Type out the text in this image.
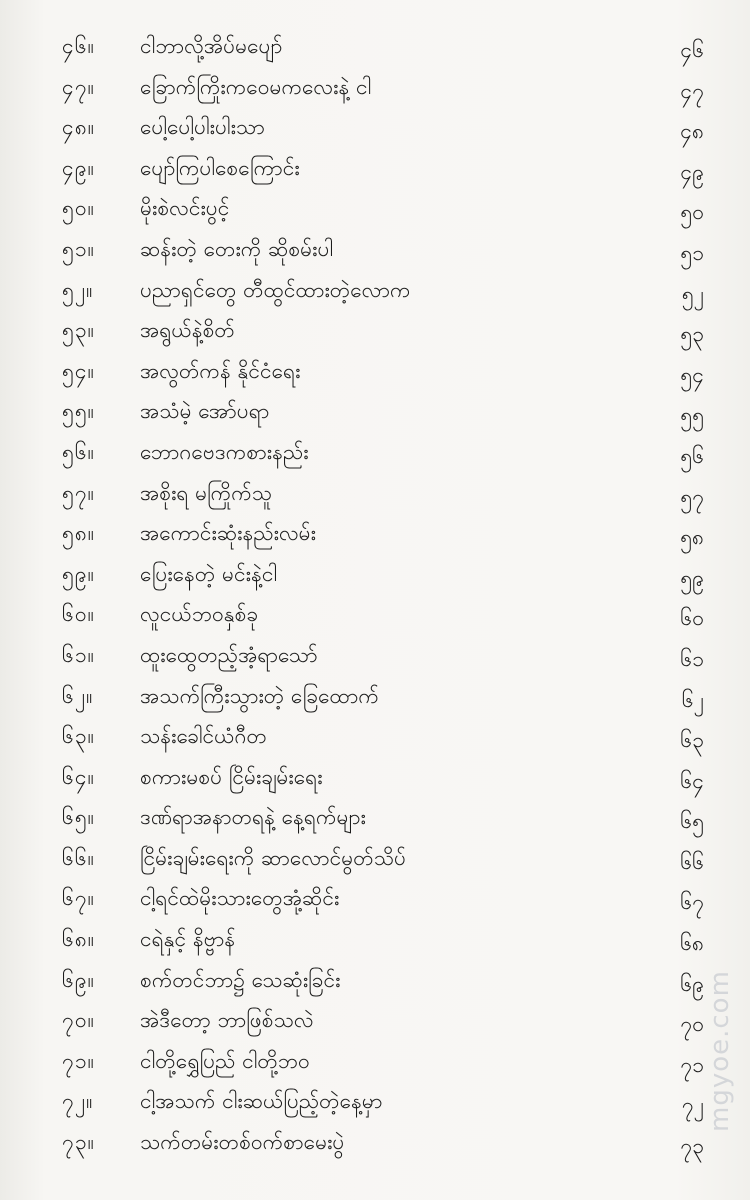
၄၆။	ငါဘာလို့အိပ်မပျော်	၄၆
၄၇။	ခြောက်ကြိုးကဝေမကလေးနဲ့ ငါ	၄၇
၄၈။	ပေါ့ပေါ့ပါးပါးသာ	၄၈
၄၉။	ပျော်ကြပါစေကြောင်း	၄၉
၅၀။	မိုးစဲလင်းပွင့်	၅၀
၅၁။	ဆန်းတဲ့ တေးကို ဆိုစမ်းပါ	၅၁
၅၂။	ပညာရှင်တွေ တီထွင်ထားတဲ့လောက	၅၂
၅၃။	အရွယ်နဲ့စိတ်	၅၃
၅၄။	အလွတ်ကန် နိုင်ငံရေး	၅၄
၅၅။	အသံမဲ့ အော်ပရာ	၅၅
၅၆။	ဘောဂဗေဒကစားနည်း	၅၆
၅၇။	အစိုးရ မကြိုက်သူ	၅၇
၅၈။	အကောင်းဆုံးနည်းလမ်း	၅၈
၅၉။	ပြေးနေတဲ့ မင်းနဲ့ငါ	၅၉
၆၀။	လူငယ်ဘဝနှစ်ခု	၆၀
၆၁။	ထူးထွေတည့်အံ့ရာသော်	၆၁
၆၂။	အသက်ကြီးသွားတဲ့ ခြေထောက်	၆၂
၆၃။	သန်းခေါင်ယံဂီတ	၆၃
၆၄။	စကားမစပ် ငြိမ်းချမ်းရေး	၆၄
၆၅။	ဒဏ်ရာအနာတရနဲ့ နေ့ရက်များ	၆၅
၆၆။	ငြိမ်းချမ်းရေးကို ဆာလောင်မွတ်သိပ်	၆၆
၆၇။	ငါ့ရင်ထဲမိုးသားတွေအုံ့ဆိုင်း	၆၇
၆၈။	ငရဲနှင့် နိဗ္ဗာန်	၆၈
၆၉။	စက်တင်ဘာ၌ သေဆုံးခြင်း	၆၉
၇၀။	အဲဒီတော့ ဘာဖြစ်သလဲ	၇၀
၇၁။	ငါတို့ရွှေပြည် ငါတို့ဘဝ	၇၁
၇၂။	ငါ့အသက် ငါးဆယ်ပြည့်တဲ့နေ့မှာ	၇၂
၇၃။	သက်တမ်းတစ်ဝက်စာမေးပွဲ	၇၃
mgyoe.com
